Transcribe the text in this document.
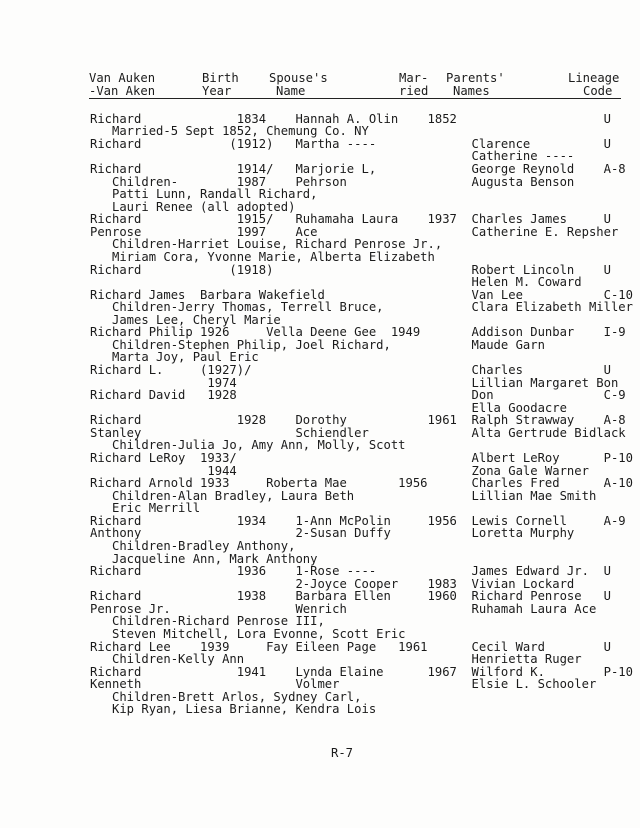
Van Auken
-Van Aken
Birth
Year
Spouse's
Name
Mar-
ried
Parents'
Names
Lineage
Code
Richard             1834    Hannah A. Olin    1852                    U
Married-5 Sept 1852, Chemung Co. NY
Richard            (1912)   Martha ----             Clarence          U
Catherine ----
Richard             1914/   Marjorie L,             George Reynold    A-8
Children-        1987    Pehrson                 Augusta Benson
Patti Lunn, Randall Richard,
Lauri Renee (all adopted)
Richard             1915/   Ruhamaha Laura    1937  Charles James     U
Penrose             1997    Ace                     Catherine E. Repsher
Children-Harriet Louise, Richard Penrose Jr.,
Miriam Cora, Yvonne Marie, Alberta Elizabeth
Richard            (1918)                           Robert Lincoln    U
Helen M. Coward
Richard James  Barbara Wakefield                    Van Lee           C-10
Children-Jerry Thomas, Terrell Bruce,            Clara Elizabeth Miller
James Lee, Cheryl Marie
Richard Philip 1926     Vella Deene Gee  1949       Addison Dunbar    I-9
Children-Stephen Philip, Joel Richard,           Maude Garn
Marta Joy, Paul Eric
Richard L.     (1927)/                              Charles           U
1974                                Lillian Margaret Bon
Richard David   1928                                Don               C-9
Ella Goodacre
Richard             1928    Dorothy           1961  Ralph Strawway    A-8
Stanley                     Schiendler              Alta Gertrude Bidlack
Children-Julia Jo, Amy Ann, Molly, Scott
Richard LeRoy  1933/                                Albert LeRoy      P-10
1944                                Zona Gale Warner
Richard Arnold 1933     Roberta Mae       1956      Charles Fred      A-10
Children-Alan Bradley, Laura Beth                Lillian Mae Smith
Eric Merrill
Richard             1934    1-Ann McPolin     1956  Lewis Cornell     A-9
Anthony                     2-Susan Duffy           Loretta Murphy
Children-Bradley Anthony,
Jacqueline Ann, Mark Anthony
Richard             1936    1-Rose ----             James Edward Jr.  U
2-Joyce Cooper    1983  Vivian Lockard
Richard             1938    Barbara Ellen     1960  Richard Penrose   U
Penrose Jr.                 Wenrich                 Ruhamah Laura Ace
Children-Richard Penrose III,
Steven Mitchell, Lora Evonne, Scott Eric
Richard Lee    1939     Fay Eileen Page   1961      Cecil Ward        U
Children-Kelly Ann                               Henrietta Ruger
Richard             1941    Lynda Elaine      1967  Wilford K.        P-10
Kenneth                     Volmer                  Elsie L. Schooler
Children-Brett Arlos, Sydney Carl,
Kip Ryan, Liesa Brianne, Kendra Lois
R-7
